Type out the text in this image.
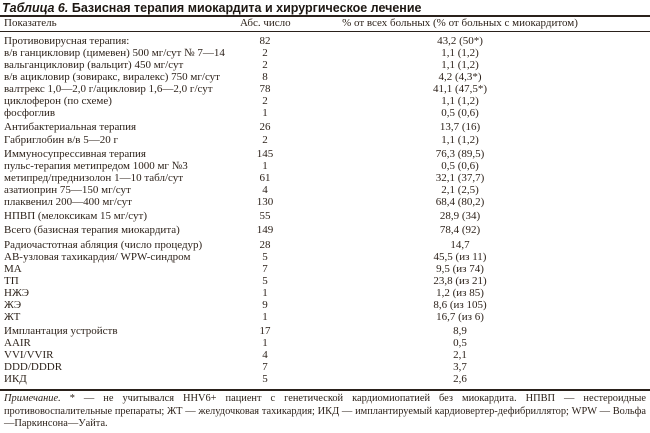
Таблица 6. Базисная терапия миокардита и хирургическое лечение
Показатель	Абс. число	% от всех больных (% от больных с миокардитом)
Противовирусная терапия:	82	43,2 (50*)
в/в ганцикловир (цимевен) 500 мг/сут № 7—14	2	1,1 (1,2)
вальганцикловир (вальцит) 450 мг/сут	2	1,1 (1,2)
в/в ацикловир (зовиракс, виралекс) 750 мг/сут	8	4,2 (4,3*)
валтрекс 1,0—2,0 г/ацикловир 1,6—2,0 г/сут	78	41,1 (47,5*)
циклоферон (по схеме)	2	1,1 (1,2)
фосфоглив	1	0,5 (0,6)
Антибактериальная терапия	26	13,7 (16)
Габриглобин в/в 5—20 г	2	1,1 (1,2)
Иммуносупрессивная терапия	145	76,3 (89,5)
пульс-терапия метипредом 1000 мг №3	1	0,5 (0,6)
метипред/преднизолон 1—10 табл/сут	61	32,1 (37,7)
азатиоприн 75—150 мг/сут	4	2,1 (2,5)
плаквенил 200—400 мг/сут	130	68,4 (80,2)
НПВП (мелоксикам 15 мг/сут)	55	28,9 (34)
Всего (базисная терапия миокардита)	149	78,4 (92)
Радиочастотная абляция (число процедур)	28	14,7
АВ-узловая тахикардия/ WPW-синдром	5	45,5 (из 11)
МА	7	9,5 (из 74)
ТП	5	23,8 (из 21)
НЖЭ	1	1,2 (из 85)
ЖЭ	9	8,6 (из 105)
ЖТ	1	16,7 (из 6)
Имплантация устройств	17	8,9
AAIR	1	0,5
VVI/VVIR	4	2,1
DDD/DDDR	7	3,7
ИКД	5	2,6
Примечание. * — не учитывался HHV6+ пациент с генетической кардиомиопатией без миокардита. НПВП — нестероидные противовоспалительные препараты; ЖТ — желудочковая тахикардия; ИКД — имплантируемый кардиовертер-дефибриллятор; WPW — Вольфа—Паркинсона—Уайта.
